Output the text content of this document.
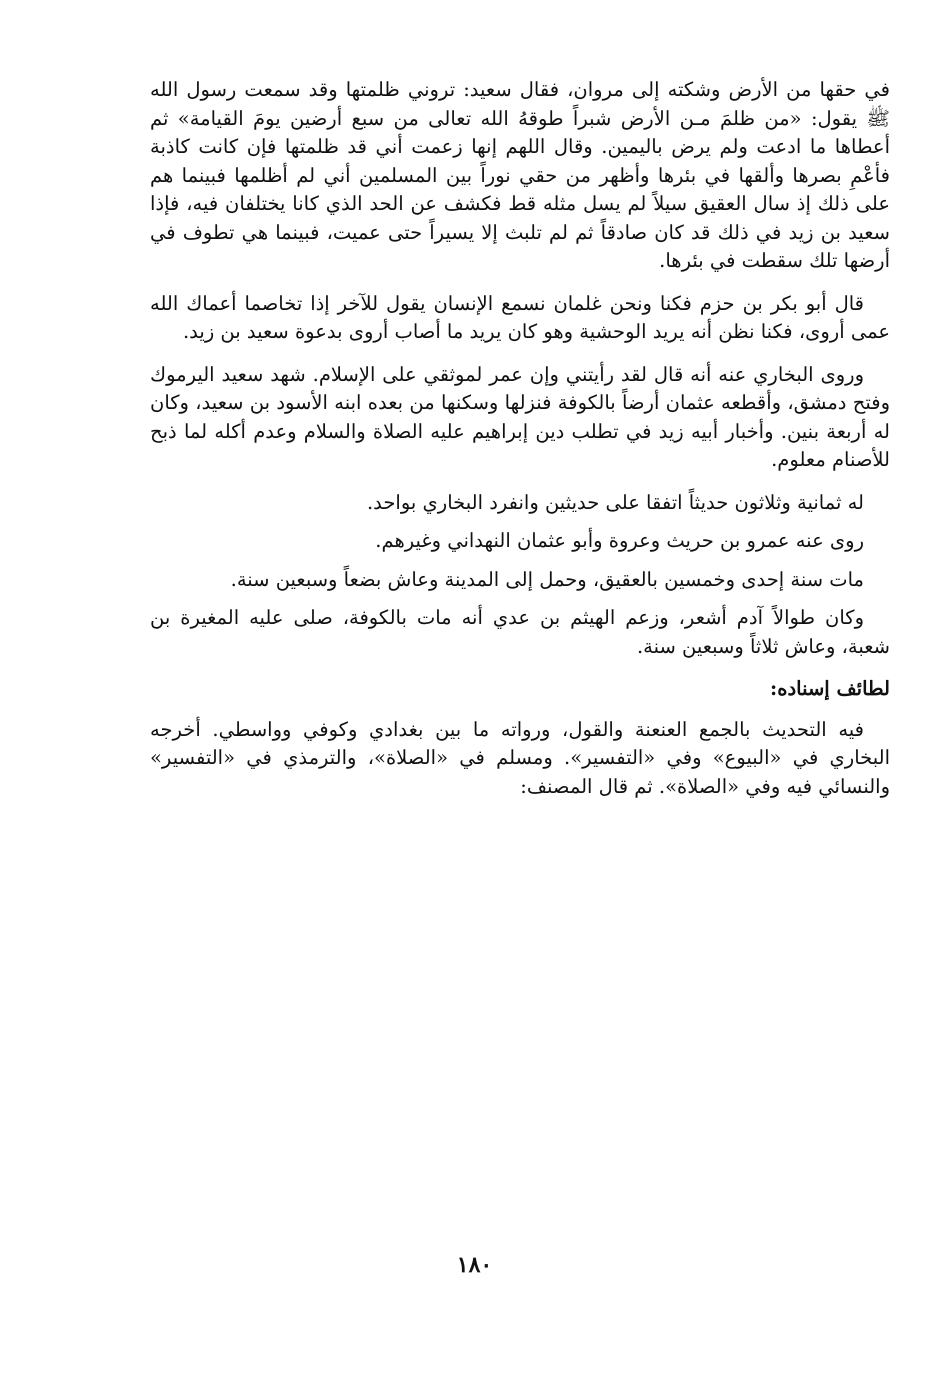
في حقها من الأرض وشكته إلى مروان، فقال سعيد: تروني ظلمتها وقد سمعت رسول الله ﷺ يقول: «من ظلمَ مـن الأرض شبراً طوقهُ الله تعالى من سبع أرضين يومَ القيامة» ثم أعطاها ما ادعت ولم يرض باليمين. وقال اللهم إنها زعمت أني قد ظلمتها فإن كانت كاذبة فأعْمِ بصرها وألقها في بئرها وأظهر من حقي نوراً بين المسلمين أني لم أظلمها فبينما هم على ذلك إذ سال العقيق سيلاً لم يسل مثله قط فكشف عن الحد الذي كانا يختلفان فيه، فإذا سعيد بن زيد في ذلك قد كان صادقاً ثم لم تلبث إلا يسيراً حتى عميت، فبينما هي تطوف في أرضها تلك سقطت في بئرها.

قال أبو بكر بن حزم فكنا ونحن غلمان نسمع الإنسان يقول للآخر إذا تخاصما أعماك الله عمى أروى، فكنا نظن أنه يريد الوحشية وهو كان يريد ما أصاب أروى بدعوة سعيد بن زيد.

وروى البخاري عنه أنه قال لقد رأيتني وإن عمر لموثقي على الإسلام. شهد سعيد اليرموك وفتح دمشق، وأقطعه عثمان أرضاً بالكوفة فنزلها وسكنها من بعده ابنه الأسود بن سعيد، وكان له أربعة بنين. وأخبار أبيه زيد في تطلب دين إبراهيم عليه الصلاة والسلام وعدم أكله لما ذبح للأصنام معلوم.

له ثمانية وثلاثون حديثاً اتفقا على حديثين وانفرد البخاري بواحد.

روى عنه عمرو بن حريث وعروة وأبو عثمان النهداني وغيرهم.

مات سنة إحدى وخمسين بالعقيق، وحمل إلى المدينة وعاش بضعاً وسبعين سنة.

وكان طوالاً آدم أشعر، وزعم الهيثم بن عدي أنه مات بالكوفة، صلى عليه المغيرة بن شعبة، وعاش ثلاثاً وسبعين سنة.

لطائف إسناده:

فيه التحديث بالجمع العنعنة والقول، ورواته ما بين بغدادي وكوفي وواسطي. أخرجه البخاري في «البيوع» وفي «التفسير». ومسلم في «الصلاة»، والترمذي في «التفسير» والنسائي فيه وفي «الصلاة». ثم قال المصنف:

١٨٠
